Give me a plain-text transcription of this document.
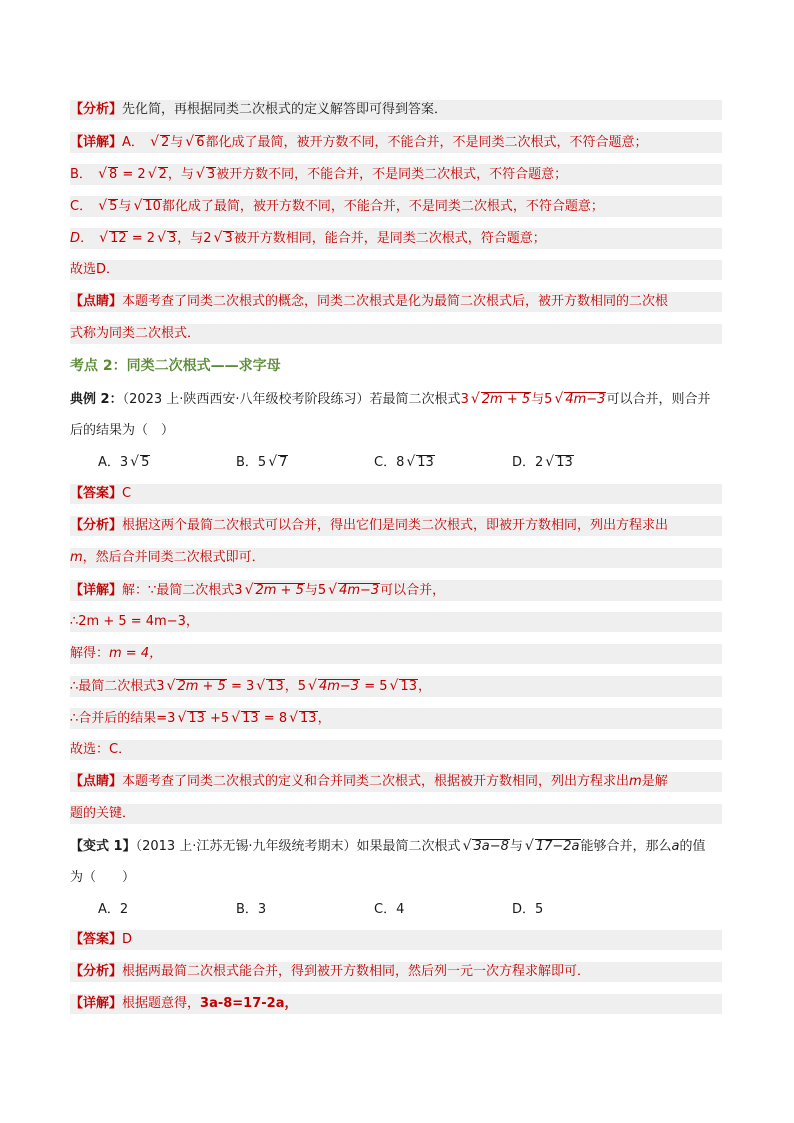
【分析】先化简，再根据同类二次根式的定义解答即可得到答案．
【详解】A． √ 2与 √ 6都化成了最简，被开方数不同，不能合并，不是同类二次根式，不符合题意；
B． √ 8 = 2 √ 2，与 √ 3被开方数不同，不能合并，不是同类二次根式，不符合题意；
C． √ 5与 √ 10都化成了最简，被开方数不同，不能合并，不是同类二次根式，不符合题意；
D． √ 12 = 2 √ 3，与2 √ 3被开方数相同，能合并，是同类二次根式，符合题意；
故选D．
【点睛】本题考查了同类二次根式的概念，同类二次根式是化为最简二次根式后，被开方数相同的二次根
式称为同类二次根式．
考点 2：同类二次根式——求字母
典例 2：（2023 上·陕西西安·八年级校考阶段练习）若最简二次根式3 √ 2m + 5与5 √ 4m−3可以合并，则合并
后的结果为（　）
A．3 √ 5	B．5 √ 7	C．8 √ 13	D．2 √ 13
【答案】C
【分析】根据这两个最简二次根式可以合并，得出它们是同类二次根式，即被开方数相同，列出方程求出
m，然后合并同类二次根式即可．
【详解】解：∵最简二次根式3 √ 2m + 5与5 √ 4m−3可以合并，
∴2m + 5 = 4m−3，
解得：m = 4，
∴最简二次根式3 √ 2m + 5 = 3 √ 13，5 √ 4m−3 = 5 √ 13，
∴合并后的结果=3 √ 13 +5 √ 13 = 8 √ 13，
故选：C．
【点睛】本题考查了同类二次根式的定义和合并同类二次根式，根据被开方数相同，列出方程求出m是解
题的关键．
【变式 1】（2013 上·江苏无锡·九年级统考期末）如果最简二次根式 √ 3a−8与 √ 17−2a能够合并，那么a的值
为（　　）
A．2	B．3	C．4	D．5
【答案】D
【分析】根据两最简二次根式能合并，得到被开方数相同，然后列一元一次方程求解即可．
【详解】根据题意得，3a-8=17-2a，
